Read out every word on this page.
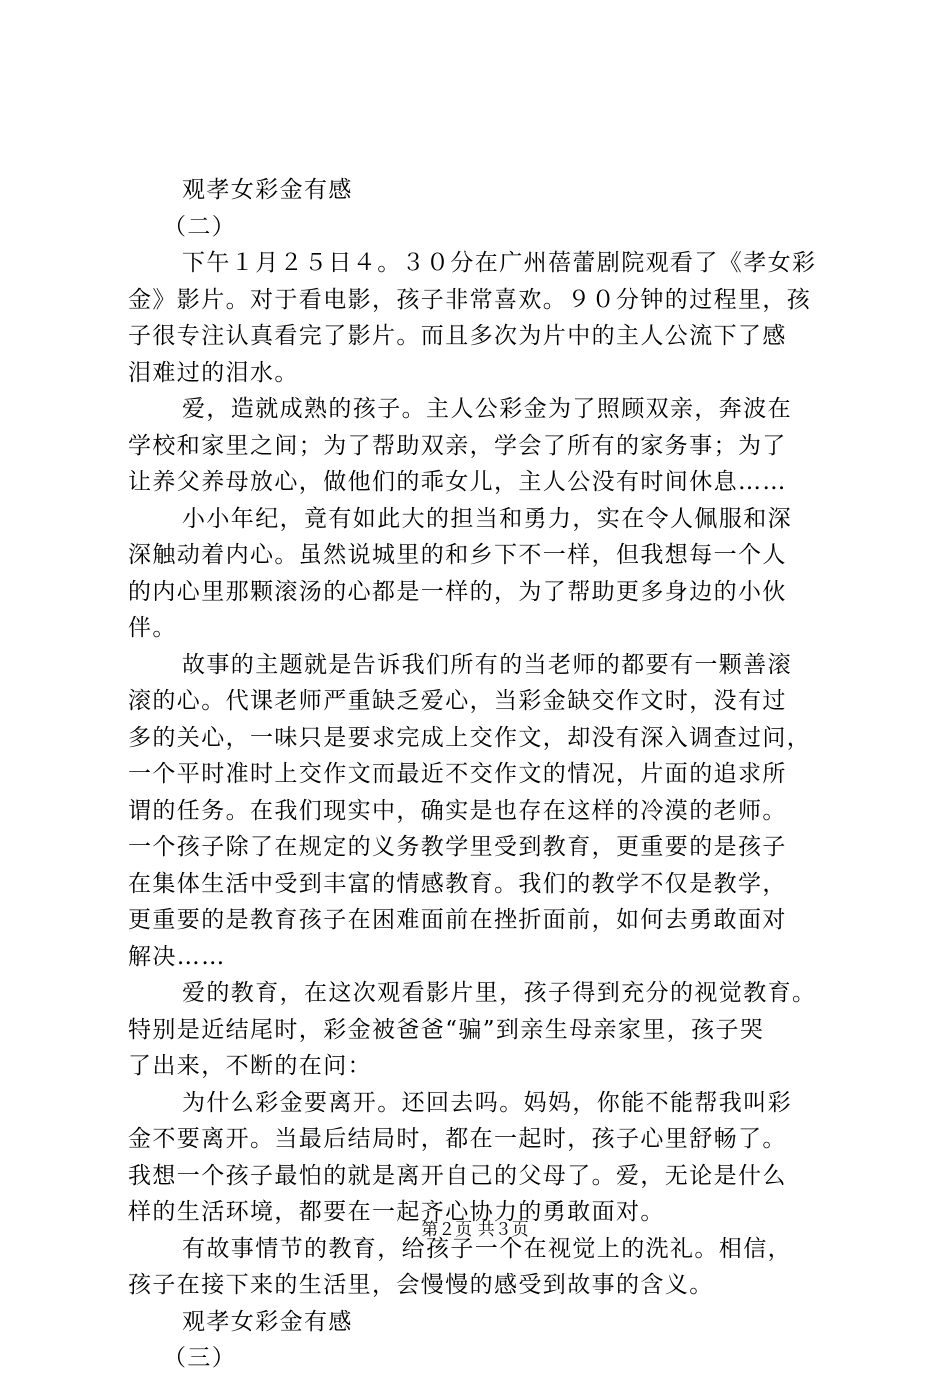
观孝女彩金有感
（二）
下午１月２５日４。３０分在广州蓓蕾剧院观看了《孝女彩
金》影片。对于看电影，孩子非常喜欢。９０分钟的过程里，孩
子很专注认真看完了影片。而且多次为片中的主人公流下了感
泪难过的泪水。
爱，造就成熟的孩子。主人公彩金为了照顾双亲，奔波在
学校和家里之间；为了帮助双亲，学会了所有的家务事；为了
让养父养母放心，做他们的乖女儿，主人公没有时间休息……
小小年纪，竟有如此大的担当和勇力，实在令人佩服和深
深触动着内心。虽然说城里的和乡下不一样，但我想每一个人
的内心里那颗滚汤的心都是一样的，为了帮助更多身边的小伙
伴。
故事的主题就是告诉我们所有的当老师的都要有一颗善滚
滚的心。代课老师严重缺乏爱心，当彩金缺交作文时，没有过
多的关心，一味只是要求完成上交作文，却没有深入调查过问，
一个平时准时上交作文而最近不交作文的情况，片面的追求所
谓的任务。在我们现实中，确实是也存在这样的冷漠的老师。
一个孩子除了在规定的义务教学里受到教育，更重要的是孩子
在集体生活中受到丰富的情感教育。我们的教学不仅是教学，
更重要的是教育孩子在困难面前在挫折面前，如何去勇敢面对
解决……
爱的教育，在这次观看影片里，孩子得到充分的视觉教育。
特别是近结尾时，彩金被爸爸“骗”到亲生母亲家里，孩子哭
了出来，不断的在问：
为什么彩金要离开。还回去吗。妈妈，你能不能帮我叫彩
金不要离开。当最后结局时，都在一起时，孩子心里舒畅了。
我想一个孩子最怕的就是离开自己的父母了。爱，无论是什么
样的生活环境，都要在一起齐心协力的勇敢面对。
有故事情节的教育，给孩子一个在视觉上的洗礼。相信，
孩子在接下来的生活里，会慢慢的感受到故事的含义。
观孝女彩金有感
（三）
第２页 共３页
